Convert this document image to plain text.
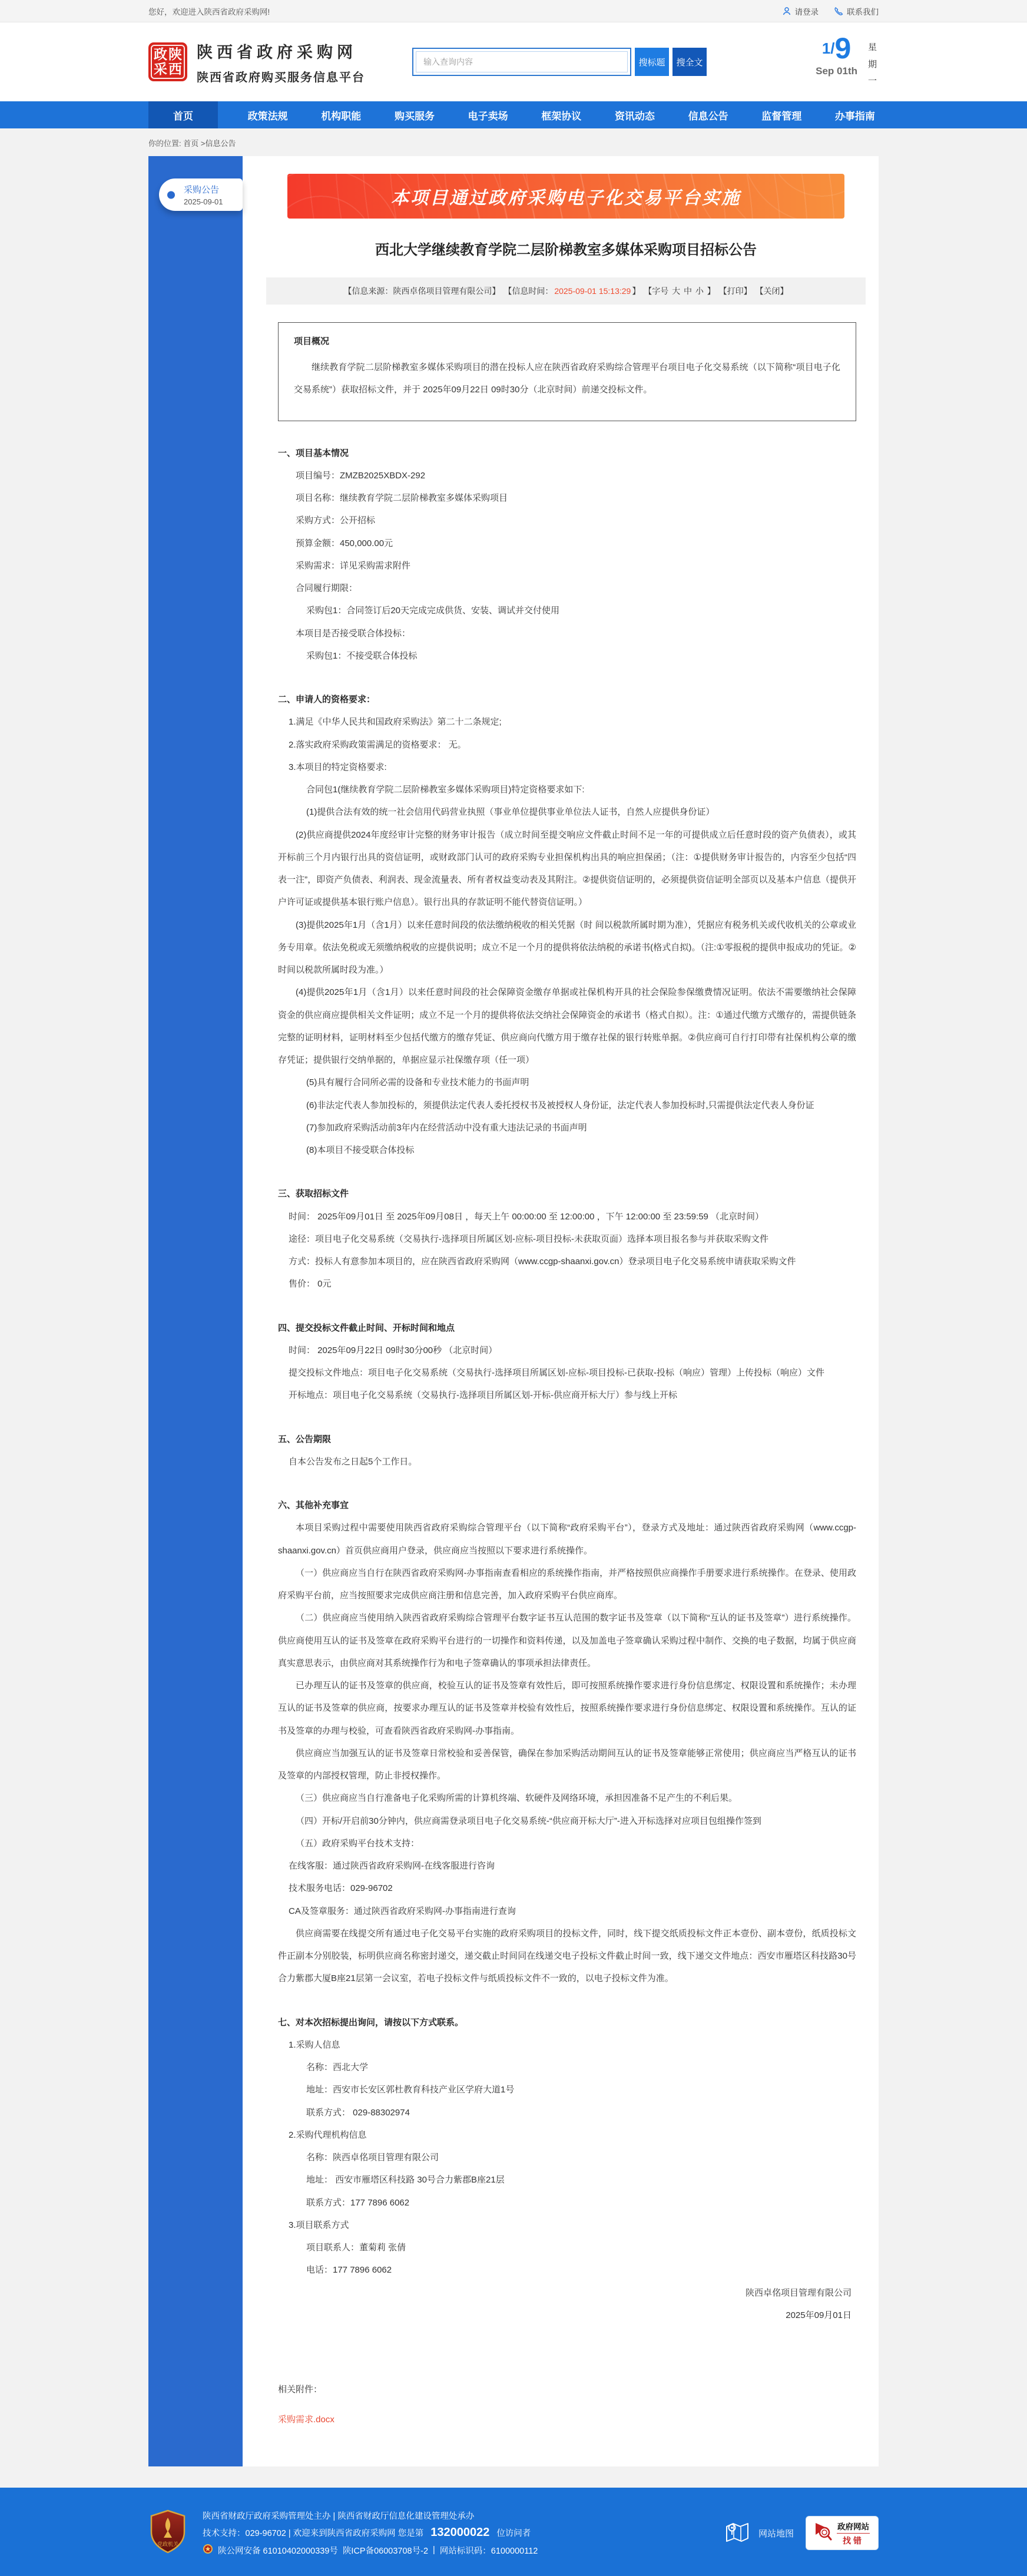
您好，欢迎进入陕西省政府采购网!	请登录	联系我们
政 陕
采 西
陕西省政府采购网
陕西省政府购买服务信息平台
输入查询内容
搜标题	搜全文
1/9
Sep 01th
星期一
首页	政策法规	机构职能	购买服务	电子卖场	框架协议	资讯动态	信息公告	监督管理	办事指南
你的位置: 首页 >信息公告
采购公告
2025-09-01	本项目通过政府采购电子化交易平台实施
西北大学继续教育学院二层阶梯教室多媒体采购项目招标公告
【信息来源：陕西卓佲项目管理有限公司】 【信息时间： 2025-09-01 15:13:29 】 【字号 大 中 小 】 【打印】 【关闭】
项目概况
继续教育学院二层阶梯教室多媒体采购项目的潜在投标人应在陕西省政府采购综合管理平台项目电子化交易系统（以下简称“项目电子化交易系统”）获取招标文件，并于 2025年09月22日 09时30分（北京时间）前递交投标文件。
一、项目基本情况
项目编号：ZMZB2025XBDX-292
项目名称：继续教育学院二层阶梯教室多媒体采购项目
采购方式：公开招标
预算金额：450,000.00元
采购需求：详见采购需求附件
合同履行期限：
采购包1：合同签订后20天完成完成供货、安装、调试并交付使用
本项目是否接受联合体投标：
采购包1：不接受联合体投标
二、申请人的资格要求：
1.满足《中华人民共和国政府采购法》第二十二条规定;
2.落实政府采购政策需满足的资格要求： 无。
3.本项目的特定资格要求:
合同包1(继续教育学院二层阶梯教室多媒体采购项目)特定资格要求如下:
(1)提供合法有效的统一社会信用代码营业执照（事业单位提供事业单位法人证书，自然人应提供身份证）
(2)供应商提供2024年度经审计完整的财务审计报告（成立时间至提交响应文件截止时间不足一年的可提供成立后任意时段的资产负债表），或其开标前三个月内银行出具的资信证明，或财政部门认可的政府采购专业担保机构出具的响应担保函；（注：①提供财务审计报告的，内容至少包括“四表一注”，即资产负债表、利润表、现金流量表、所有者权益变动表及其附注。②提供资信证明的，必须提供资信证明全部页以及基本户信息（提供开户许可证或提供基本银行账户信息）。银行出具的存款证明不能代替资信证明。）
(3)提供2025年1月（含1月）以来任意时间段的依法缴纳税收的相关凭据（时 间以税款所属时期为准），凭据应有税务机关或代收机关的公章或业务专用章。依法免税或无须缴纳税收的应提供说明；成立不足一个月的提供将依法纳税的承诺书(格式自拟)。（注:①零报税的提供申报成功的凭证。②时间以税款所属时段为准。）
(4)提供2025年1月（含1月）以来任意时间段的社会保障资金缴存单据或社保机构开具的社会保险参保缴费情况证明。依法不需要缴纳社会保障资金的供应商应提供相关文件证明；成立不足一个月的提供将依法交纳社会保障资金的承诺书（格式自拟）。注：①通过代缴方式缴存的，需提供链条完整的证明材料，证明材料至少包括代缴方的缴存凭证、供应商向代缴方用于缴存社保的银行转账单据。②供应商可自行打印带有社保机构公章的缴存凭证；提供银行交纳单据的，单据应显示社保缴存项（任一项）
(5)具有履行合同所必需的设备和专业技术能力的书面声明
(6)非法定代表人参加投标的，须提供法定代表人委托授权书及被授权人身份证，法定代表人参加投标时,只需提供法定代表人身份证
(7)参加政府采购活动前3年内在经营活动中没有重大违法记录的书面声明
(8)本项目不接受联合体投标
三、获取招标文件
时间： 2025年09月01日 至 2025年09月08日 ，每天上午 00:00:00 至 12:00:00 ，下午 12:00:00 至 23:59:59 （北京时间）
途径：项目电子化交易系统（交易执行-选择项目所属区划-应标-项目投标-未获取页面）选择本项目报名参与并获取采购文件
方式：投标人有意参加本项目的，应在陕西省政府采购网（www.ccgp-shaanxi.gov.cn）登录项目电子化交易系统申请获取采购文件
售价： 0元
四、提交投标文件截止时间、开标时间和地点
时间： 2025年09月22日 09时30分00秒 （北京时间）
提交投标文件地点：项目电子化交易系统（交易执行-选择项目所属区划-应标-项目投标-已获取-投标（响应）管理）上传投标（响应）文件
开标地点：项目电子化交易系统（交易执行-选择项目所属区划-开标-供应商开标大厅）参与线上开标
五、公告期限
自本公告发布之日起5个工作日。
六、其他补充事宜
本项目采购过程中需要使用陕西省政府采购综合管理平台（以下简称“政府采购平台”），登录方式及地址：通过陕西省政府采购网（www.ccgp-shaanxi.gov.cn）首页供应商用户登录，供应商应当按照以下要求进行系统操作。
（一）供应商应当自行在陕西省政府采购网-办事指南查看相应的系统操作指南，并严格按照供应商操作手册要求进行系统操作。在登录、使用政府采购平台前，应当按照要求完成供应商注册和信息完善，加入政府采购平台供应商库。
（二）供应商应当使用纳入陕西省政府采购综合管理平台数字证书互认范围的数字证书及签章（以下简称“互认的证书及签章”）进行系统操作。供应商使用互认的证书及签章在政府采购平台进行的一切操作和资料传递，以及加盖电子签章确认采购过程中制作、交换的电子数据，均属于供应商真实意思表示，由供应商对其系统操作行为和电子签章确认的事项承担法律责任。
已办理互认的证书及签章的供应商，校验互认的证书及签章有效性后，即可按照系统操作要求进行身份信息绑定、权限设置和系统操作；未办理互认的证书及签章的供应商，按要求办理互认的证书及签章并校验有效性后，按照系统操作要求进行身份信息绑定、权限设置和系统操作。互认的证书及签章的办理与校验，可查看陕西省政府采购网-办事指南。
供应商应当加强互认的证书及签章日常校验和妥善保管，确保在参加采购活动期间互认的证书及签章能够正常使用；供应商应当严格互认的证书及签章的内部授权管理，防止非授权操作。
（三）供应商应当自行准备电子化采购所需的计算机终端、软硬件及网络环境，承担因准备不足产生的不利后果。
（四）开标/开启前30分钟内，供应商需登录项目电子化交易系统-“供应商开标大厅”-进入开标选择对应项目包组操作签到
（五）政府采购平台技术支持：
在线客服：通过陕西省政府采购网-在线客服进行咨询
技术服务电话：029-96702
CA及签章服务：通过陕西省政府采购网-办事指南进行查询
供应商需要在线提交所有通过电子化交易平台实施的政府采购项目的投标文件，同时，线下提交纸质投标文件正本壹份、副本壹份，纸质投标文件正副本分别胶装，标明供应商名称密封递交，递交截止时间同在线递交电子投标文件截止时间一致，线下递交文件地点：西安市雁塔区科技路30号合力紫郡大厦B座21层第一会议室，若电子投标文件与纸质投标文件不一致的，以电子投标文件为准。
七、对本次招标提出询问，请按以下方式联系。
1.采购人信息
名称：西北大学
地址：西安市长安区郭杜教育科技产业区学府大道1号
联系方式： 029-88302974
2.采购代理机构信息
名称：陕西卓佲项目管理有限公司
地址： 西安市雁塔区科技路 30号合力紫郡B座21层
联系方式：177 7896 6062
3.项目联系方式
项目联系人：董菊莉 张倩
电话：177 7896 6062
陕西卓佲项目管理有限公司
2025年09月01日
相关附件：
采购需求.docx
党政机关
陕西省财政厅政府采购管理处主办 | 陕西省财政厅信息化建设管理处承办
技术支持：029-96702 | 欢迎来到陕西省政府采购网 您是第 132000022 位访问者
陕公网安备 61010402000339号 陕ICP备06003708号-2 | 网站标识码：6100000112
网站地图
政府网站
找错
